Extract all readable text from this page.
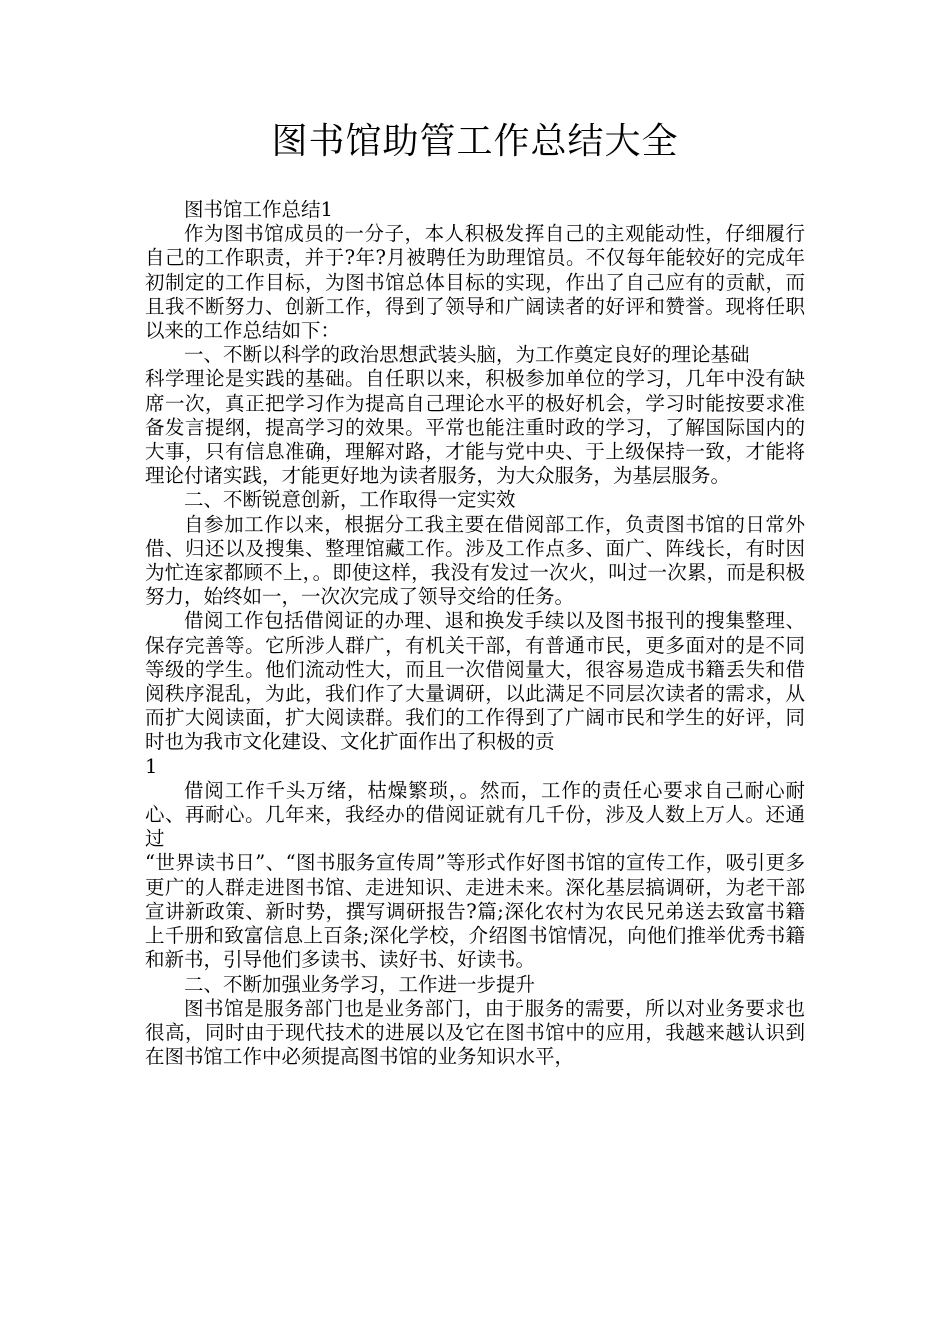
图书馆助管工作总结大全

图书馆工作总结1

作为图书馆成员的一分子，本人积极发挥自己的主观能动性，仔细履行自己的工作职责，并于?年?月被聘任为助理馆员。不仅每年能较好的完成年初制定的工作目标，为图书馆总体目标的实现，作出了自己应有的贡献，而且我不断努力、创新工作，得到了领导和广阔读者的好评和赞誉。现将任职以来的工作总结如下：

一、不断以科学的政治思想武装头脑，为工作奠定良好的理论基础

科学理论是实践的基础。自任职以来，积极参加单位的学习，几年中没有缺席一次，真正把学习作为提高自己理论水平的极好机会，学习时能按要求准备发言提纲，提高学习的效果。平常也能注重时政的学习，了解国际国内的大事，只有信息准确，理解对路，才能与党中央、于上级保持一致，才能将理论付诸实践，才能更好地为读者服务，为大众服务，为基层服务。

二、不断锐意创新，工作取得一定实效

自参加工作以来，根据分工我主要在借阅部工作，负责图书馆的日常外借、归还以及搜集、整理馆藏工作。涉及工作点多、面广、阵线长，有时因为忙连家都顾不上，。即使这样，我没有发过一次火，叫过一次累，而是积极努力，始终如一，一次次完成了领导交给的任务。

借阅工作包括借阅证的办理、退和换发手续以及图书报刊的搜集整理、保存完善等。它所涉人群广，有机关干部，有普通市民，更多面对的是不同等级的学生。他们流动性大，而且一次借阅量大，很容易造成书籍丢失和借阅秩序混乱，为此，我们作了大量调研，以此满足不同层次读者的需求，从而扩大阅读面，扩大阅读群。我们的工作得到了广阔市民和学生的好评，同时也为我市文化建设、文化扩面作出了积极的贡

1

借阅工作千头万绪，枯燥繁琐，。然而，工作的责任心要求自己耐心耐心、再耐心。几年来，我经办的借阅证就有几千份，涉及人数上万人。还通过

“世界读书日”、“图书服务宣传周”等形式作好图书馆的宣传工作，吸引更多更广的人群走进图书馆、走进知识、走进未来。深化基层搞调研，为老干部宣讲新政策、新时势，撰写调研报告?篇;深化农村为农民兄弟送去致富书籍上千册和致富信息上百条;深化学校，介绍图书馆情况，向他们推举优秀书籍和新书，引导他们多读书、读好书、好读书。

二、不断加强业务学习，工作进一步提升

图书馆是服务部门也是业务部门，由于服务的需要，所以对业务要求也很高，同时由于现代技术的进展以及它在图书馆中的应用，我越来越认识到在图书馆工作中必须提高图书馆的业务知识水平，
